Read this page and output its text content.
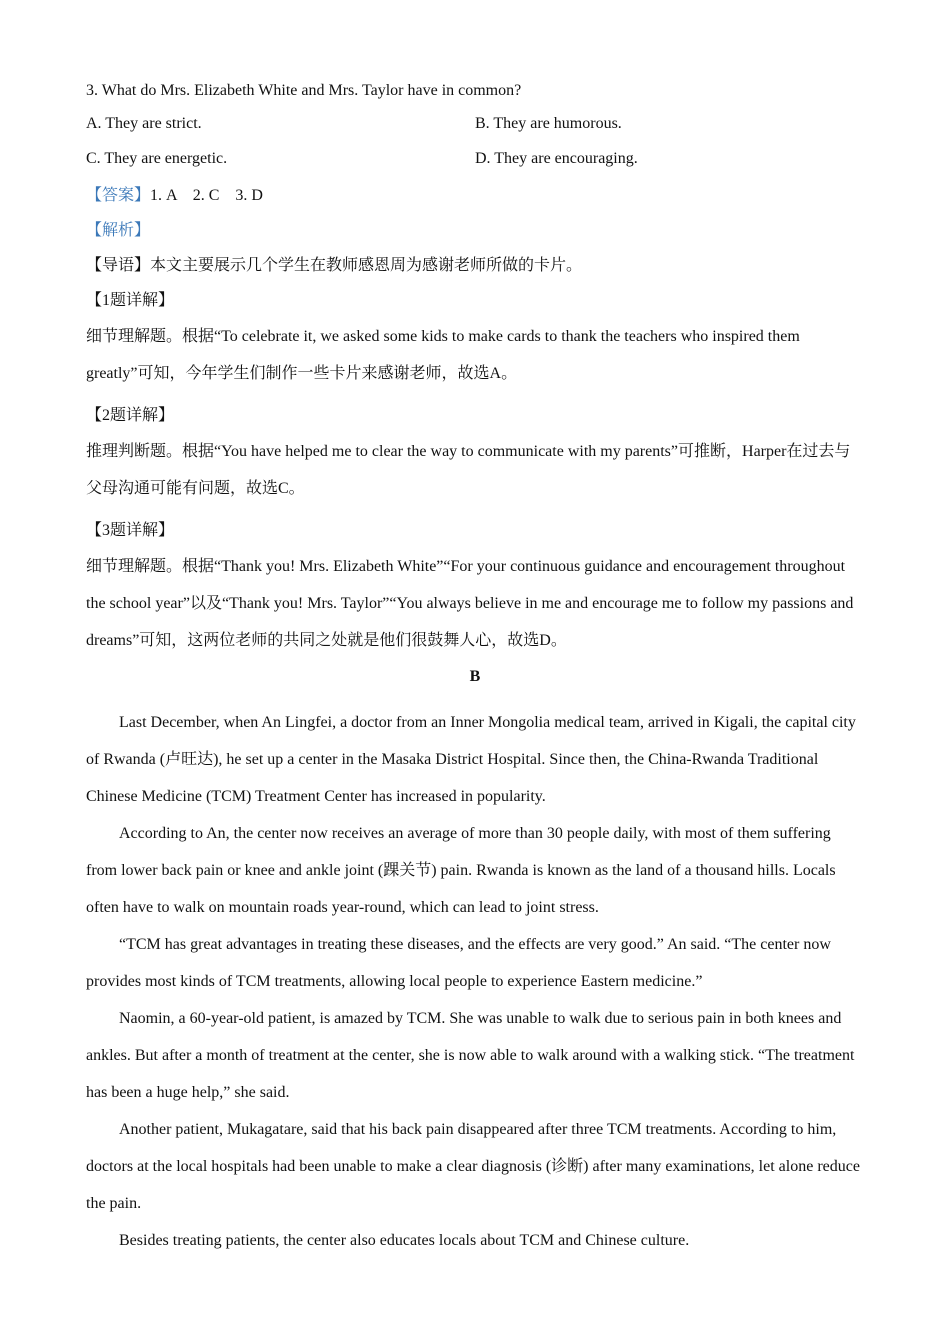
3. What do Mrs. Elizabeth White and Mrs. Taylor have in common?

A. They are strict.	B. They are humorous.
C. They are energetic.	D. They are encouraging.

【答案】1. A　2. C　3. D

【解析】

【导语】本文主要展示几个学生在教师感恩周为感谢老师所做的卡片。

【1题详解】

细节理解题。根据“To celebrate it, we asked some kids to make cards to thank the teachers who inspired them greatly”可知，今年学生们制作一些卡片来感谢老师，故选A。

【2题详解】

推理判断题。根据“You have helped me to clear the way to communicate with my parents”可推断，Harper在过去与父母沟通可能有问题，故选C。

【3题详解】

细节理解题。根据“Thank you! Mrs. Elizabeth White”“For your continuous guidance and encouragement throughout the school year”以及“Thank you! Mrs. Taylor”“You always believe in me and encourage me to follow my passions and dreams”可知，这两位老师的共同之处就是他们很鼓舞人心，故选D。

B

Last December, when An Lingfei, a doctor from an Inner Mongolia medical team, arrived in Kigali, the capital city of Rwanda (卢旺达), he set up a center in the Masaka District Hospital. Since then, the China-Rwanda Traditional Chinese Medicine (TCM) Treatment Center has increased in popularity.

According to An, the center now receives an average of more than 30 people daily, with most of them suffering from lower back pain or knee and ankle joint (踝关节) pain. Rwanda is known as the land of a thousand hills. Locals often have to walk on mountain roads year-round, which can lead to joint stress.

“TCM has great advantages in treating these diseases, and the effects are very good.” An said. “The center now provides most kinds of TCM treatments, allowing local people to experience Eastern medicine.”

Naomin, a 60-year-old patient, is amazed by TCM. She was unable to walk due to serious pain in both knees and ankles. But after a month of treatment at the center, she is now able to walk around with a walking stick. “The treatment has been a huge help,” she said.

Another patient, Mukagatare, said that his back pain disappeared after three TCM treatments. According to him, doctors at the local hospitals had been unable to make a clear diagnosis (诊断) after many examinations, let alone reduce the pain.

Besides treating patients, the center also educates locals about TCM and Chinese culture.
